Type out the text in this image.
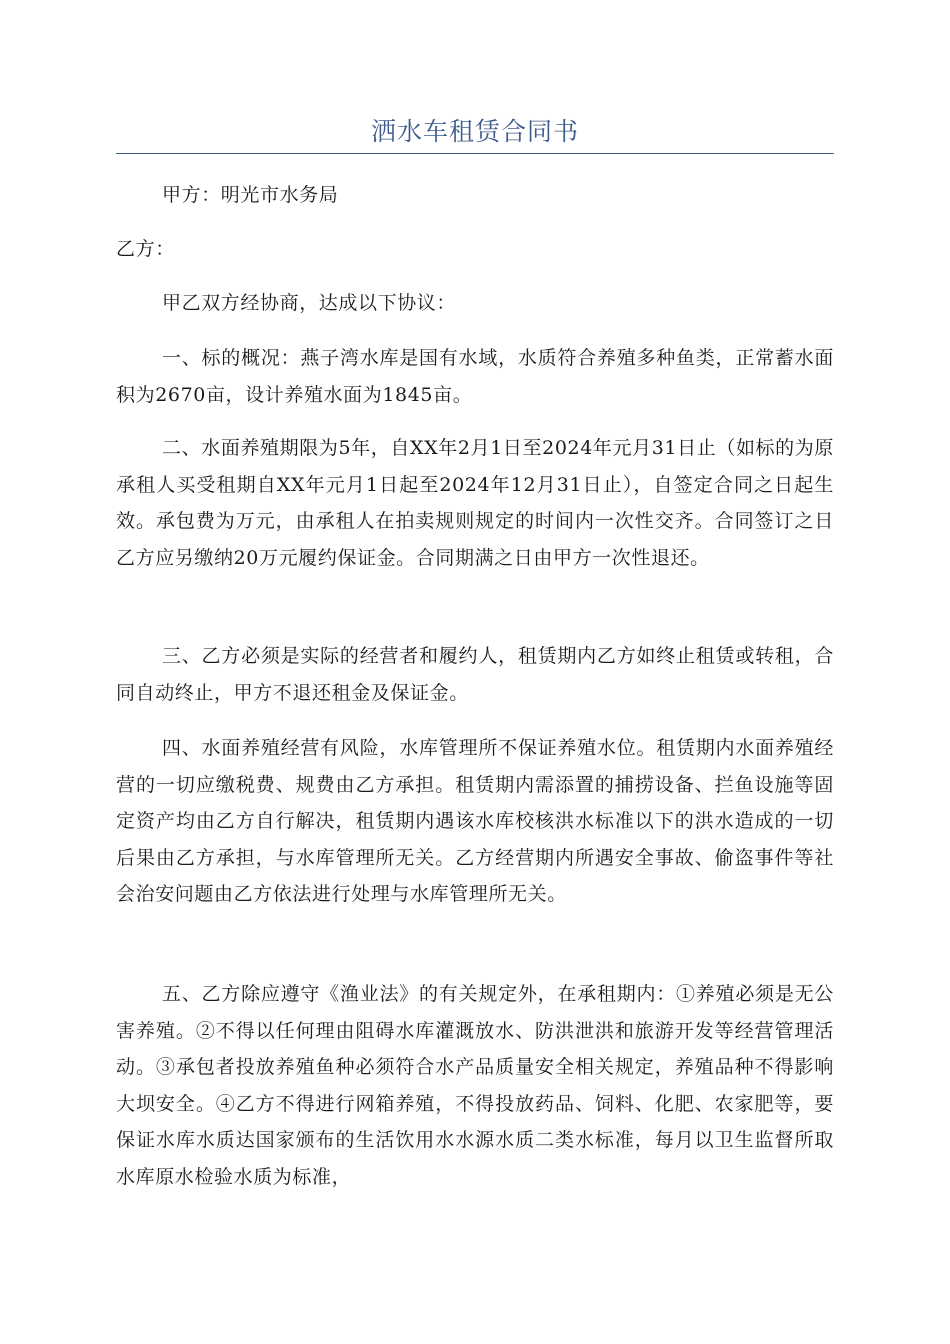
洒水车租赁合同书

甲方：明光市水务局

乙方：

甲乙双方经协商，达成以下协议：

一、标的概况：燕子湾水库是国有水域，水质符合养殖多种鱼类，正常蓄水面积为2670亩，设计养殖水面为1845亩。

二、水面养殖期限为5年，自XX年2月1日至2024年元月31日止（如标的为原承租人买受租期自XX年元月1日起至2024年12月31日止），自签定合同之日起生效。承包费为万元，由承租人在拍卖规则规定的时间内一次性交齐。合同签订之日乙方应另缴纳20万元履约保证金。合同期满之日由甲方一次性退还。

三、乙方必须是实际的经营者和履约人，租赁期内乙方如终止租赁或转租，合同自动终止，甲方不退还租金及保证金。

四、水面养殖经营有风险，水库管理所不保证养殖水位。租赁期内水面养殖经营的一切应缴税费、规费由乙方承担。租赁期内需添置的捕捞设备、拦鱼设施等固定资产均由乙方自行解决，租赁期内遇该水库校核洪水标准以下的洪水造成的一切后果由乙方承担，与水库管理所无关。乙方经营期内所遇安全事故、偷盗事件等社会治安问题由乙方依法进行处理与水库管理所无关。

五、乙方除应遵守《渔业法》的有关规定外，在承租期内：①养殖必须是无公害养殖。②不得以任何理由阻碍水库灌溉放水、防洪泄洪和旅游开发等经营管理活动。③承包者投放养殖鱼种必须符合水产品质量安全相关规定，养殖品种不得影响大坝安全。④乙方不得进行网箱养殖，不得投放药品、饲料、化肥、农家肥等，要保证水库水质达国家颁布的生活饮用水水源水质二类水标准，每月以卫生监督所取水库原水检验水质为标准，
